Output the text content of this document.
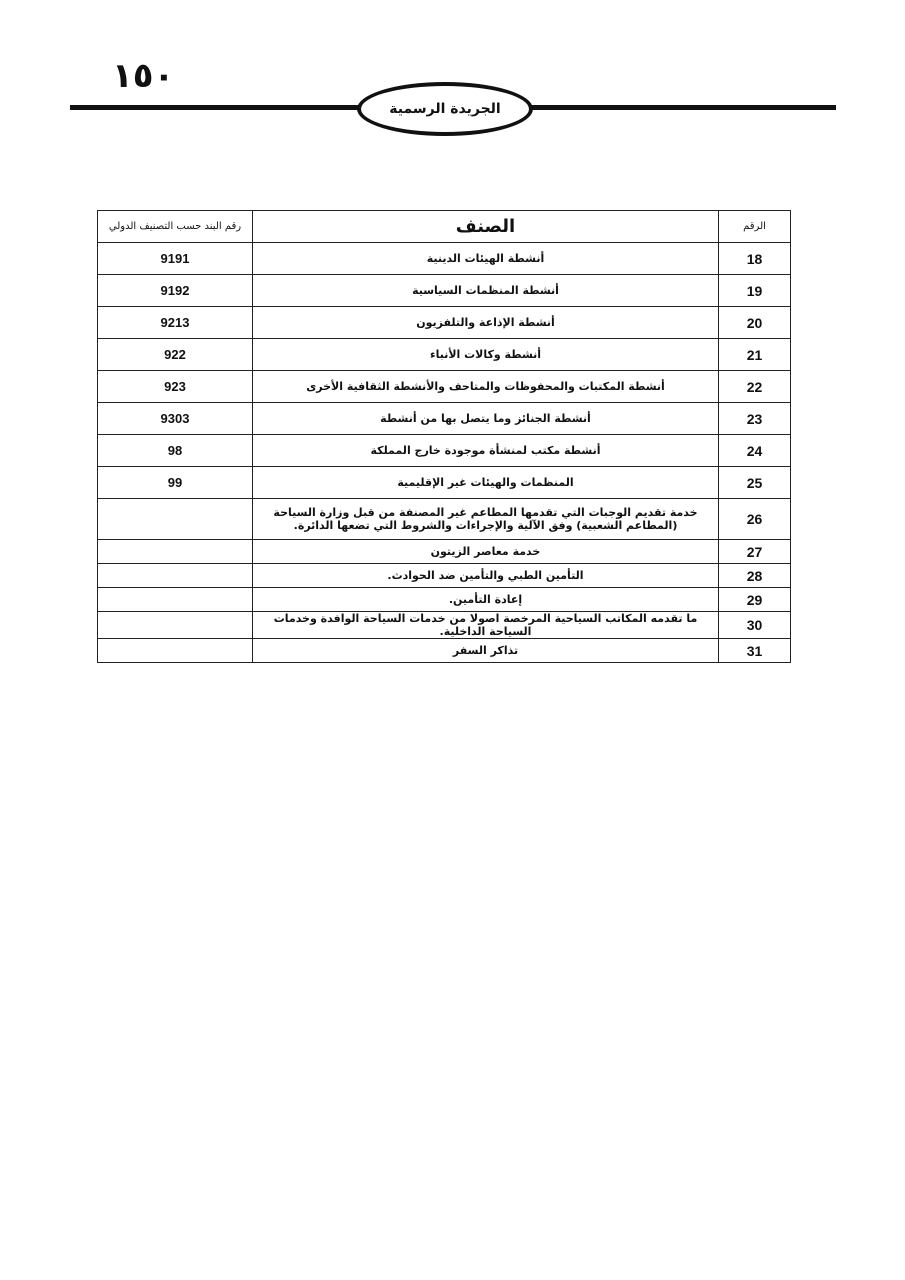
١٥٠
الجريدة الرسمية
الرقم	الصنف	رقم البند حسب التصنيف الدولي
18	أنشطة الهيئات الدينية	9191
19	أنشطة المنظمات السياسية	9192
20	أنشطة الإذاعة والتلفزيون	9213
21	أنشطة وكالات الأنباء	922
22	أنشطة المكتبات والمحفوظات والمتاحف والأنشطة الثقافية الأخرى	923
23	أنشطة الجنائز وما يتصل بها من أنشطة	9303
24	أنشطة مكتب لمنشأة موجودة خارج المملكة	98
25	المنظمات والهيئات غير الإقليمية	99
26	خدمة تقديم الوجبات التي تقدمها المطاعم غير المصنفة من قبل وزارة السياحة (المطاعم الشعبية) وفق الآلية والإجراءات والشروط التي تضعها الدائرة.	
27	خدمة معاصر الزيتون	
28	التأمين الطبي والتأمين ضد الحوادث.	
29	إعادة التأمين.	
30	ما تقدمه المكاتب السياحية المرخصة اصولا من خدمات السياحة الوافدة وخدمات السياحة الداخلية.	
31	تذاكر السفر	
